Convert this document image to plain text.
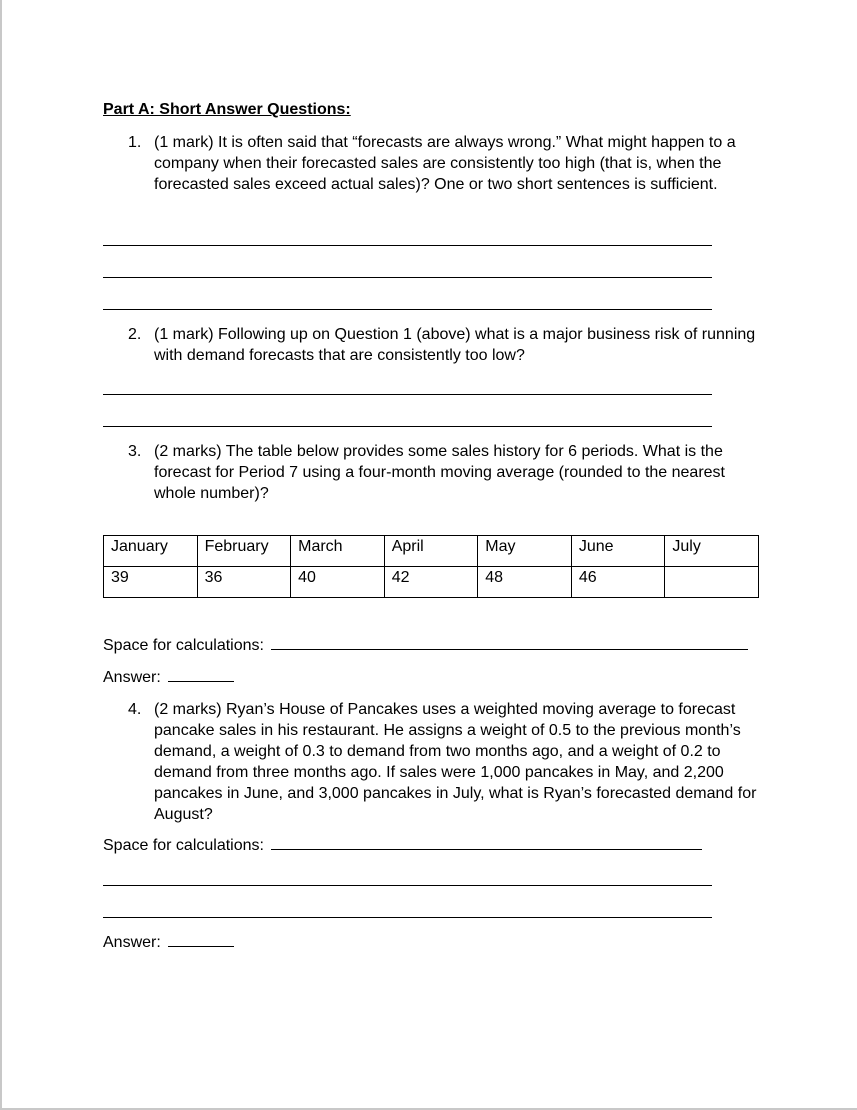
Part A: Short Answer Questions:
1. (1 mark) It is often said that “forecasts are always wrong.” What might happen to a company when their forecasted sales are consistently too high (that is, when the forecasted sales exceed actual sales)? One or two short sentences is sufficient.
2. (1 mark) Following up on Question 1 (above) what is a major business risk of running with demand forecasts that are consistently too low?
3. (2 marks) The table below provides some sales history for 6 periods. What is the forecast for Period 7 using a four-month moving average (rounded to the nearest whole number)?
January	February	March	April	May	June	July
39	36	40	42	48	46	
Space for calculations:
Answer:
4. (2 marks) Ryan’s House of Pancakes uses a weighted moving average to forecast pancake sales in his restaurant. He assigns a weight of 0.5 to the previous month’s demand, a weight of 0.3 to demand from two months ago, and a weight of 0.2 to demand from three months ago. If sales were 1,000 pancakes in May, and 2,200 pancakes in June, and 3,000 pancakes in July, what is Ryan’s forecasted demand for August?
Space for calculations:
Answer:
